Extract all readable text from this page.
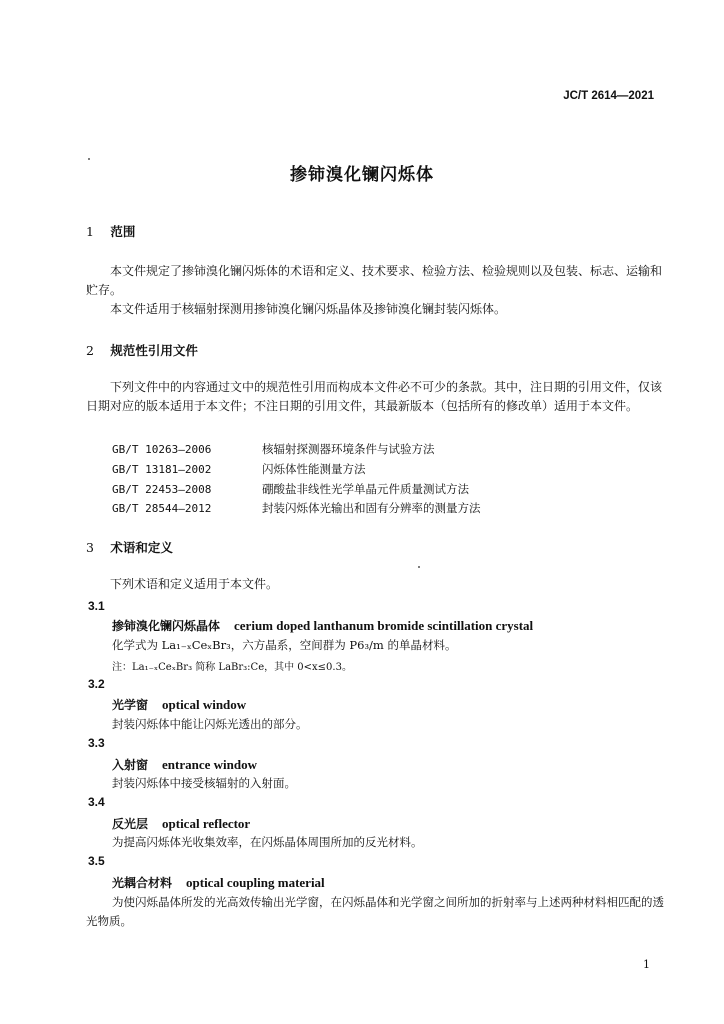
JC/T 2614—2021
掺铈溴化镧闪烁体
1 范围
本文件规定了掺铈溴化镧闪烁体的术语和定义、技术要求、检验方法、检验规则以及包装、标志、运输和贮存。
本文件适用于核辐射探测用掺铈溴化镧闪烁晶体及掺铈溴化镧封装闪烁体。
2 规范性引用文件
下列文件中的内容通过文中的规范性引用而构成本文件必不可少的条款。其中，注日期的引用文件，仅该日期对应的版本适用于本文件；不注日期的引用文件，其最新版本（包括所有的修改单）适用于本文件。
GB/T 10263—2006	核辐射探测器环境条件与试验方法
GB/T 13181—2002	闪烁体性能测量方法
GB/T 22453—2008	硼酸盐非线性光学单晶元件质量测试方法
GB/T 28544—2012	封装闪烁体光输出和固有分辨率的测量方法
3 术语和定义
下列术语和定义适用于本文件。
3.1
掺铈溴化镧闪烁晶体 cerium doped lanthanum bromide scintillation crystal
化学式为 La₁₋ₓCeₓBr₃，六方晶系，空间群为 P6₃/m 的单晶材料。
注：La₁₋ₓCeₓBr₃ 简称 LaBr₃:Ce，其中 0<x≤0.3。
3.2
光学窗 optical window
封装闪烁体中能让闪烁光透出的部分。
3.3
入射窗 entrance window
封装闪烁体中接受核辐射的入射面。
3.4
反光层 optical reflector
为提高闪烁体光收集效率，在闪烁晶体周围所加的反光材料。
3.5
光耦合材料 optical coupling material
为使闪烁晶体所发的光高效传输出光学窗，在闪烁晶体和光学窗之间所加的折射率与上述两种材料相匹配的透光物质。
1
